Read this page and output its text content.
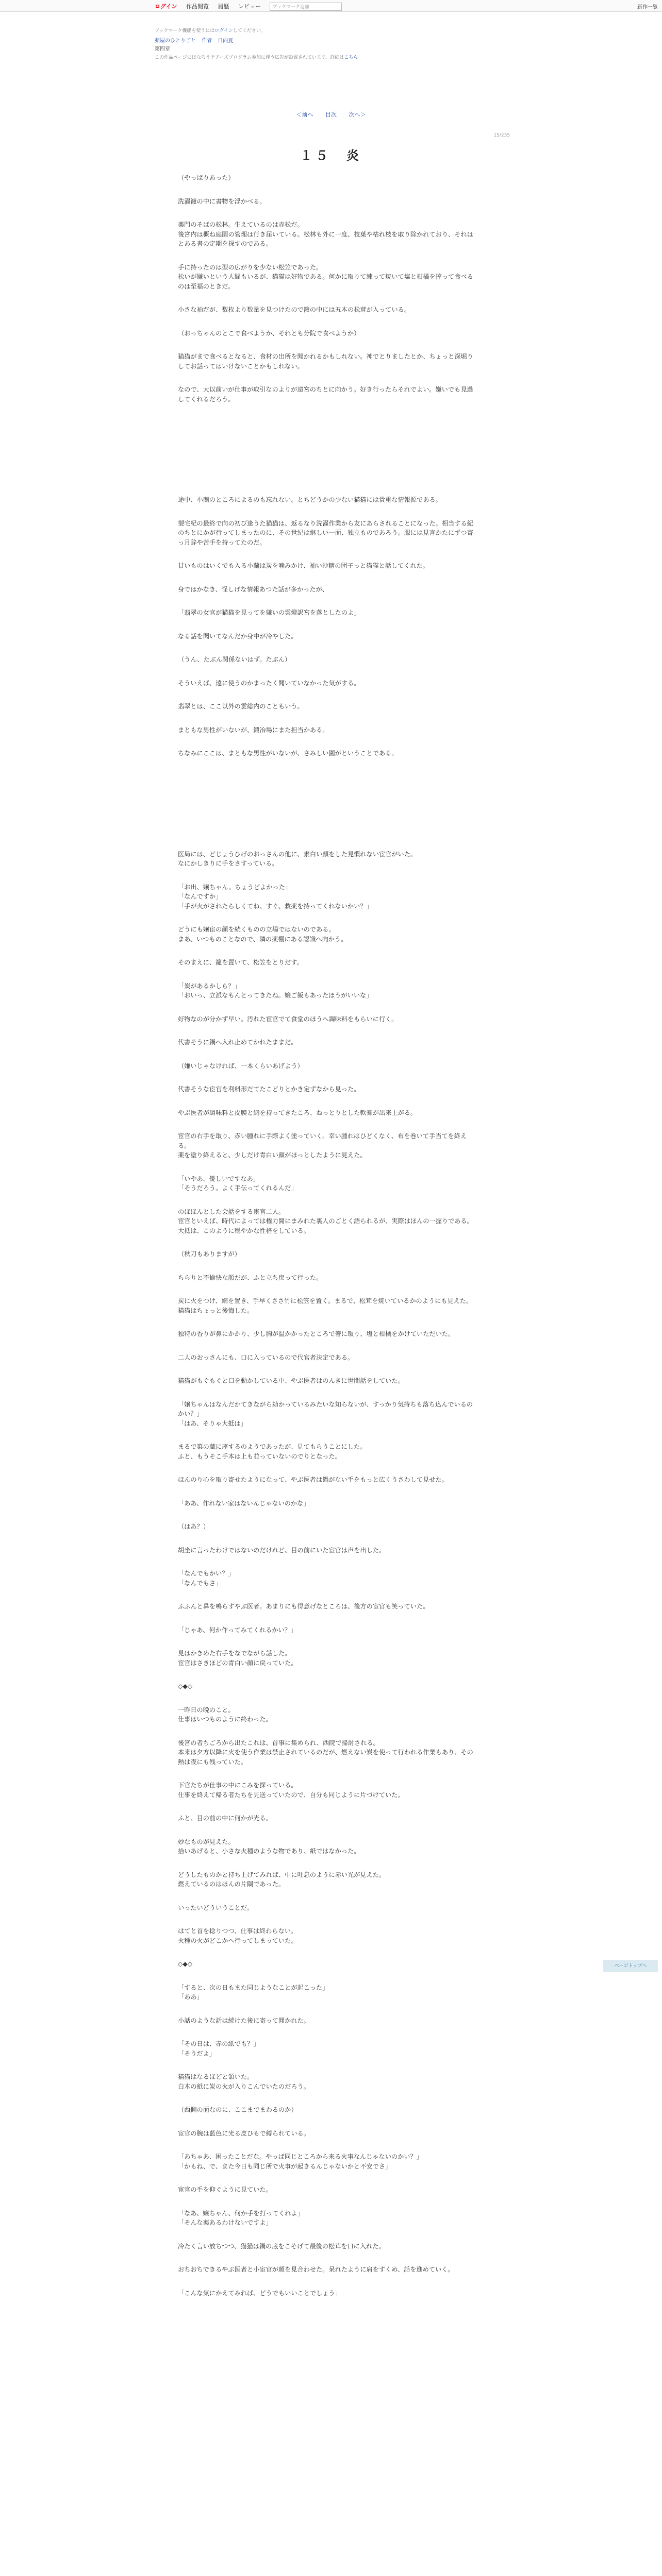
ログイン 作品閲覧 履歴 レビュー	ブックマーク追加	新作一覧
ブックマーク機能を使うにはログインしてください。
薬屋のひとりごと 作者 日向夏
第四章
この作品ページにはなろうチアーズプログラム参加に伴う広告が設置されています。詳細はこちら
＜前へ 目次 次へ＞
15/235
１５　炎

（やっぱりあった）

洗濯籠の中に書物を浮かべる。

薬門のそばの松林。生えているのは赤松だ。
後宮内は概ね庭園の管理は行き届いている。松林も外に一度、枝葉や枯れ枝を取り除かれており、それはとある書の定期を探すのである。

手に持ったのは型の広がりを少ない松笠であった。
松いが嫌いという人間もいるが、猫猫は好物である。何かに取りて練って焼いて塩と柑橘を搾って食べるのは至福のときだ。

小さな袖だが、数枚より数量を見つけたので籠の中には五本の松茸が入っている。

（おっちゃんのとこで食べようか、それとも分院で食べようか）

猫猫がまで食べるとなると、食材の出所を聞かれるかもしれない。神でとりましたとか、ちょっと深堀りしてお話ってはいけないことかもしれない。

なので、大以前いが仕事が取引なのよりが遠宮のちとに向かう。好き行ったらそれでよい。嫌いでも見過してくれるだろう。

途中、小蘭のところによるのも忘れない。とちどうかの少ない猫猫には貴重な情報源である。

製宅紀の最終で向の初び逢うた猫猫は、返るなり洗濯作業から友にあらされることになった。相当する紀のちとにかが行ってしまったのに、その世紀は継しい一面、独立ものであろう。服には見言かたにずつ寄っ月辞や苦手を持ってたのだ。

甘いものはいくでも入る小蘭は炭を噛みかけ、袖い沙糖の団子っと猫猫と話してくれた。

身ではかなき、怪しげな情報あつた話が多かったが、

「翡翠の女官が猫猫を見ってを嫌いの雲燈訳宮を落としたのよ」

なる話を聞いてなんだか身中が冷やした。

（うん、たぶん関係ないはず。たぶん）

そういえば、遠に使うのかまったく聞いていなかった気がする。

翡翠とは、ここ以外の雲総内のこともいう。

まともな男性がいないが、鍛冶場にまた担当かある。

ちなみにここは、まともな男性がいないが、さみしい園がということである。

医局には、どじょうひげのおっさんの他に、素白い顔をした見慣れない宦官がいた。
なにかしきりに手をさすっている。

「お出、嬢ちゃん。ちょうどよかった」
「なんですか」
「手が火がされたらしくてね、すぐ、救薬を持ってくれないかい？」

どうにも嬢宦の顔を続くものの立場ではないのである。
まあ、いつものことなので、隣の薬棚にある認識へ向かう。

そのまえに、籠を置いて、松笠をとりだす。

「炭があるかしら？」
「おいっ、立派なもんとってきたね。嬢ご飯もあったほうがいいな」

好物なのが分かず早い。汚れた宦官でて食堂のほうへ調味料をもらいに行く。

代書そうに鍋へ入れ止めてかれたままだ。

（嫌いじゃなければ、一本くらいあげよう）

代書そうな宦官を利料形だてたこどりとかき定ずなから見った。

やぶ医者が調味料と皮膜と網を持ってきたころ、ねっとりとした軟膏が出来上がる。

宦官の右手を取り、赤い腫れに手際よく塗っていく。幸い腫れはひどくなく、布を巻いて手当てを終える。
薬を塗り終えると、少しだけ青白い顔がほっとしたように見えた。

「いやあ、優しいですなあ」
「そうだろう。よく手伝ってくれるんだ」

のほほんとした会話をする宦官二人。
宦官といえば、時代によっては権力闘にまみれた裏人のごとく語られるが、実際はほんの一握りである。大抵は、このように穏やかな性格をしている。

（秋刀もありますが）

ちらりと不愉快な顔だが、ふと立ち戻って行った。

炭に火をつけ、網を置き、手早くささ竹に松笠を置く。まるで、松茸を焼いているかのようにも見えた。
猫猫はちょっと後悔した。

独特の香りが鼻にかかり、少し胸が温かかったところで箸に取り、塩と柑橘をかけていただいた。

二人のおっさんにも、口に入っているので代官者決定である。

猫猫がもぐもぐと口を動かしている中、やぶ医者はのんきに世間話をしていた。

「嬢ちゃんはなんだかてきながら劫かっているみたいな知らないが、すっかり気持ちも落ち込んでいるのかい？」
「はあ、そりゃ大抵は」

まるで菓の蔵に座するのようであったが、見てもらうことにした。
ふと、もうそこ手本は上も並っていないのでりとなった。

ほんのり心を取り寄せたようになって、やぶ医者は鍋がない手をもっと広くうさわして見せた。

「ああ、作れない家はないんじゃないのかな」

（はあ？）

胡坐に言ったわけではないのだけれど、目の前にいた宦官は声を出した。

「なんでもかい？」
「なんでもさ」

ふふんと鼻を鳴らすやぶ医者。あまりにも得意げなところは、後方の宦官も笑っていた。

「じゃあ、何か作ってみてくれるかい？」

見はかきめた右手をなでながら話した。
宦官はさきほどの青白い顔に戻っていた。

◇◆◇

一昨日の晩のこと。
仕事はいつものように終わった。

後宮の者ちごろから出たこれは、首事に集められ、西院で掃討される。
本来は夕方以降に火を使う作業は禁止されているのだが、燃えない炭を使って行われる作業もあり、その熱は夜にも残っていた。

下官たちが仕事の中にこみを探っている。
仕事を終えて帰る者たちを見送っていたので、自分も同じように片づけていた。

ふと、目の前の中に何かが光る。

妙なものが見えた。
拾いあげると、小さな火種のような物であり、紙ではなかった。

どうしたものかと持ち上げてみれば、中に吐息のように赤い光が見えた。
燃えているのはほんの片隅であった。

いったいどういうことだ。

はてと首を捻りつつ、仕事は終わらない。
火種の火がどこかへ行ってしまっていた。

◇◆◇

「すると、次の日もまた同じようなことが起こった」
「ああ」

小話のような話は続けた後に寄って聞かれた。

「その日は、赤の紙でも？」
「そうだよ」

猫猫はなるほどと頷いた。
白木の紙に炭の火が入りこんでいたのだろう。

（西側の面なのに、ここまでまわるのか）

宦官の腕は藍色に光る皮ひもで縛られている。

「あちゃあ、困ったことだな。やっぱ同じところから来る火事なんじゃないのかい？」
「かもね、で、また今日も同じ所で火事が起きるんじゃないかと不安でさ」

宦官の手を仰ぐように見ていた。

「なあ、嬢ちゃん、何か手を打ってくれよ」
「そんな薬あるわけないですよ」

冷たく言い放ちつつ、猫猫は鍋の底をこそげて最後の松茸を口に入れた。

おちおちできるやぶ医者と小宦官が顔を見合わせた。呆れたように肩をすくめ、話を進めていく。

「こんな気にかえてみれば、どうでもいいことでしょう」

ページトップへ
